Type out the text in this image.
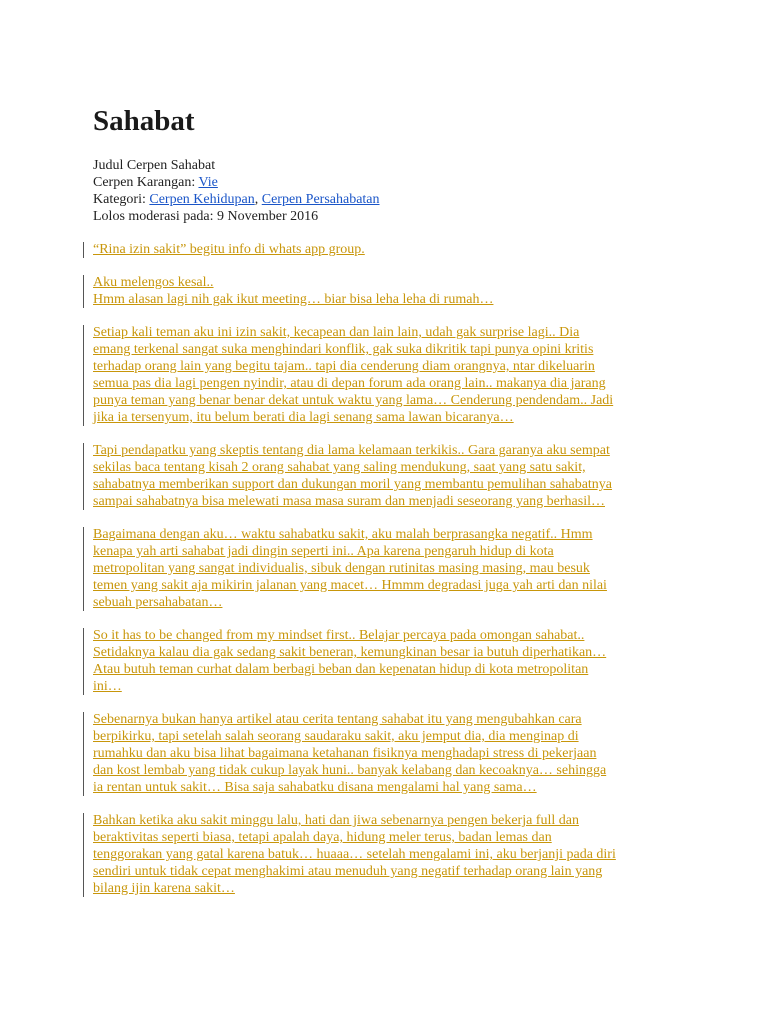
Sahabat
Judul Cerpen Sahabat
Cerpen Karangan: Vie
Kategori: Cerpen Kehidupan, Cerpen Persahabatan
Lolos moderasi pada: 9 November 2016
“Rina izin sakit” begitu info di whats app group.
Aku melengos kesal..
Hmm alasan lagi nih gak ikut meeting… biar bisa leha leha di rumah…
Setiap kali teman aku ini izin sakit, kecapean dan lain lain, udah gak surprise lagi.. Dia
emang terkenal sangat suka menghindari konflik, gak suka dikritik tapi punya opini kritis
terhadap orang lain yang begitu tajam.. tapi dia cenderung diam orangnya, ntar dikeluarin
semua pas dia lagi pengen nyindir, atau di depan forum ada orang lain.. makanya dia jarang
punya teman yang benar benar dekat untuk waktu yang lama… Cenderung pendendam.. Jadi
jika ia tersenyum, itu belum berati dia lagi senang sama lawan bicaranya…
Tapi pendapatku yang skeptis tentang dia lama kelamaan terkikis.. Gara garanya aku sempat
sekilas baca tentang kisah 2 orang sahabat yang saling mendukung, saat yang satu sakit,
sahabatnya memberikan support dan dukungan moril yang membantu pemulihan sahabatnya
sampai sahabatnya bisa melewati masa masa suram dan menjadi seseorang yang berhasil…
Bagaimana dengan aku… waktu sahabatku sakit, aku malah berprasangka negatif.. Hmm
kenapa yah arti sahabat jadi dingin seperti ini.. Apa karena pengaruh hidup di kota
metropolitan yang sangat individualis, sibuk dengan rutinitas masing masing, mau besuk
temen yang sakit aja mikirin jalanan yang macet… Hmmm degradasi juga yah arti dan nilai
sebuah persahabatan…
So it has to be changed from my mindset first.. Belajar percaya pada omongan sahabat..
Setidaknya kalau dia gak sedang sakit beneran, kemungkinan besar ia butuh diperhatikan…
Atau butuh teman curhat dalam berbagi beban dan kepenatan hidup di kota metropolitan
ini…
Sebenarnya bukan hanya artikel atau cerita tentang sahabat itu yang mengubahkan cara
berpikirku, tapi setelah salah seorang saudaraku sakit, aku jemput dia, dia menginap di
rumahku dan aku bisa lihat bagaimana ketahanan fisiknya menghadapi stress di pekerjaan
dan kost lembab yang tidak cukup layak huni.. banyak kelabang dan kecoaknya… sehingga
ia rentan untuk sakit… Bisa saja sahabatku disana mengalami hal yang sama…
Bahkan ketika aku sakit minggu lalu, hati dan jiwa sebenarnya pengen bekerja full dan
beraktivitas seperti biasa, tetapi apalah daya, hidung meler terus, badan lemas dan
tenggorakan yang gatal karena batuk… huaaa… setelah mengalami ini, aku berjanji pada diri
sendiri untuk tidak cepat menghakimi atau menuduh yang negatif terhadap orang lain yang
bilang ijin karena sakit…
